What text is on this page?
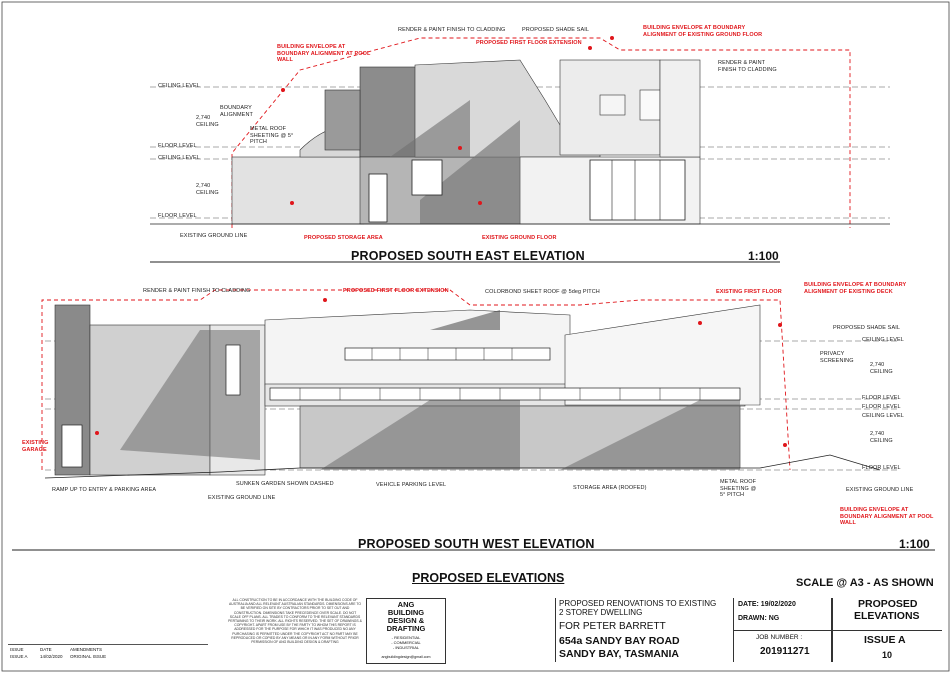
RENDER & PAINT FINISH TO CLADDING	PROPOSED SHADE SAIL
PROPOSED FIRST FLOOR EXTENSION
BUILDING ENVELOPE AT BOUNDARY ALIGNMENT OF EXISTING GROUND FLOOR
BUILDING ENVELOPE AT BOUNDARY ALIGNMENT AT POOL WALL	RENDER & PAINT FINISH TO CLADDING
METAL ROOF SHEETING @ 5° PITCH
EXISTING GROUND LINE	PROPOSED STORAGE AREA	EXISTING GROUND FLOOR
CEILING LEVEL
FLOOR LEVEL
CEILING LEVEL
FLOOR LEVEL
2,740
CEILING
2,740
CEILING
BOUNDARY ALIGNMENT
PROPOSED SOUTH EAST ELEVATION	1:100
RENDER & PAINT FINISH TO CLADDING	PROPOSED FIRST FLOOR EXTENSION	COLORBOND SHEET ROOF @ 5deg PITCH	EXISTING FIRST FLOOR
BUILDING ENVELOPE AT BOUNDARY ALIGNMENT OF EXISTING DECK
PROPOSED SHADE SAIL
PRIVACY SCREENING
EXISTING GARAGE
RAMP UP TO ENTRY & PARKING AREA
SUNKEN GARDEN SHOWN DASHED
EXISTING GROUND LINE
VEHICLE PARKING LEVEL	STORAGE AREA (ROOFED)
METAL ROOF SHEETING @ 5° PITCH
EXISTING GROUND LINE
BUILDING ENVELOPE AT BOUNDARY ALIGNMENT AT POOL WALL
CEILING LEVEL
FLOOR LEVEL
FLOOR LEVEL
CEILING LEVEL
FLOOR LEVEL
2,740
CEILING
2,740
CEILING
PROPOSED SOUTH WEST ELEVATION	1:100
PROPOSED ELEVATIONS	SCALE @ A3 - AS SHOWN
ISSUE	DATE	AMENDMENTS
ISSUE A	14/02/2020 ORIGINAL ISSUE
ALL CONSTRUCTION TO BE IN ACCORDANCE WITH THE BUILDING CODE OF AUSTRALIA AND ALL RELEVANT AUSTRALIAN STANDARDS. DIMENSIONS ARE TO BE VERIFIED ON SITE BY CONTRACTORS PRIOR TO SET OUT AND CONSTRUCTION. DIMENSIONS TAKE PRECEDENCE OVER SCALE. DO NOT SCALE OFF PLANS. ALL TRADES TO CONFORM TO THE RELEVANT STANDARDS PERTAINING TO THEIR WORK. ALL RIGHTS RESERVED. THE SET OF DRAWINGS & COPYRIGHT. APART FROM USE BY THE PARTY TO WHOM THIS REPORT IS ADDRESSED FOR THE PURPOSE FOR WHICH IT WAS PRODUCED NO ANY PURCHASING IS PERMITTED UNDER THE COPYRIGHT ACT NO PART MAY BE REPRODUCED OR COPIED BY ANY MEANS OR IN ANY FORM WITHOUT PRIOR PERMISSION OF ANG BUILDING DESIGN & DRAFTING
ANG
BUILDING
DESIGN &
DRAFTING
- RESIDENTIAL
- COMMERCIAL
- INDUSTRIAL
angbuildingdesign@gmail.com
PROPOSED RENOVATIONS TO EXISTING
2 STOREY DWELLING
FOR PETER BARRETT
654a SANDY BAY ROAD
SANDY BAY, TASMANIA
DATE: 19/02/2020
DRAWN: NG
JOB NUMBER :
201911271
PROPOSED
ELEVATIONS
ISSUE A
10
